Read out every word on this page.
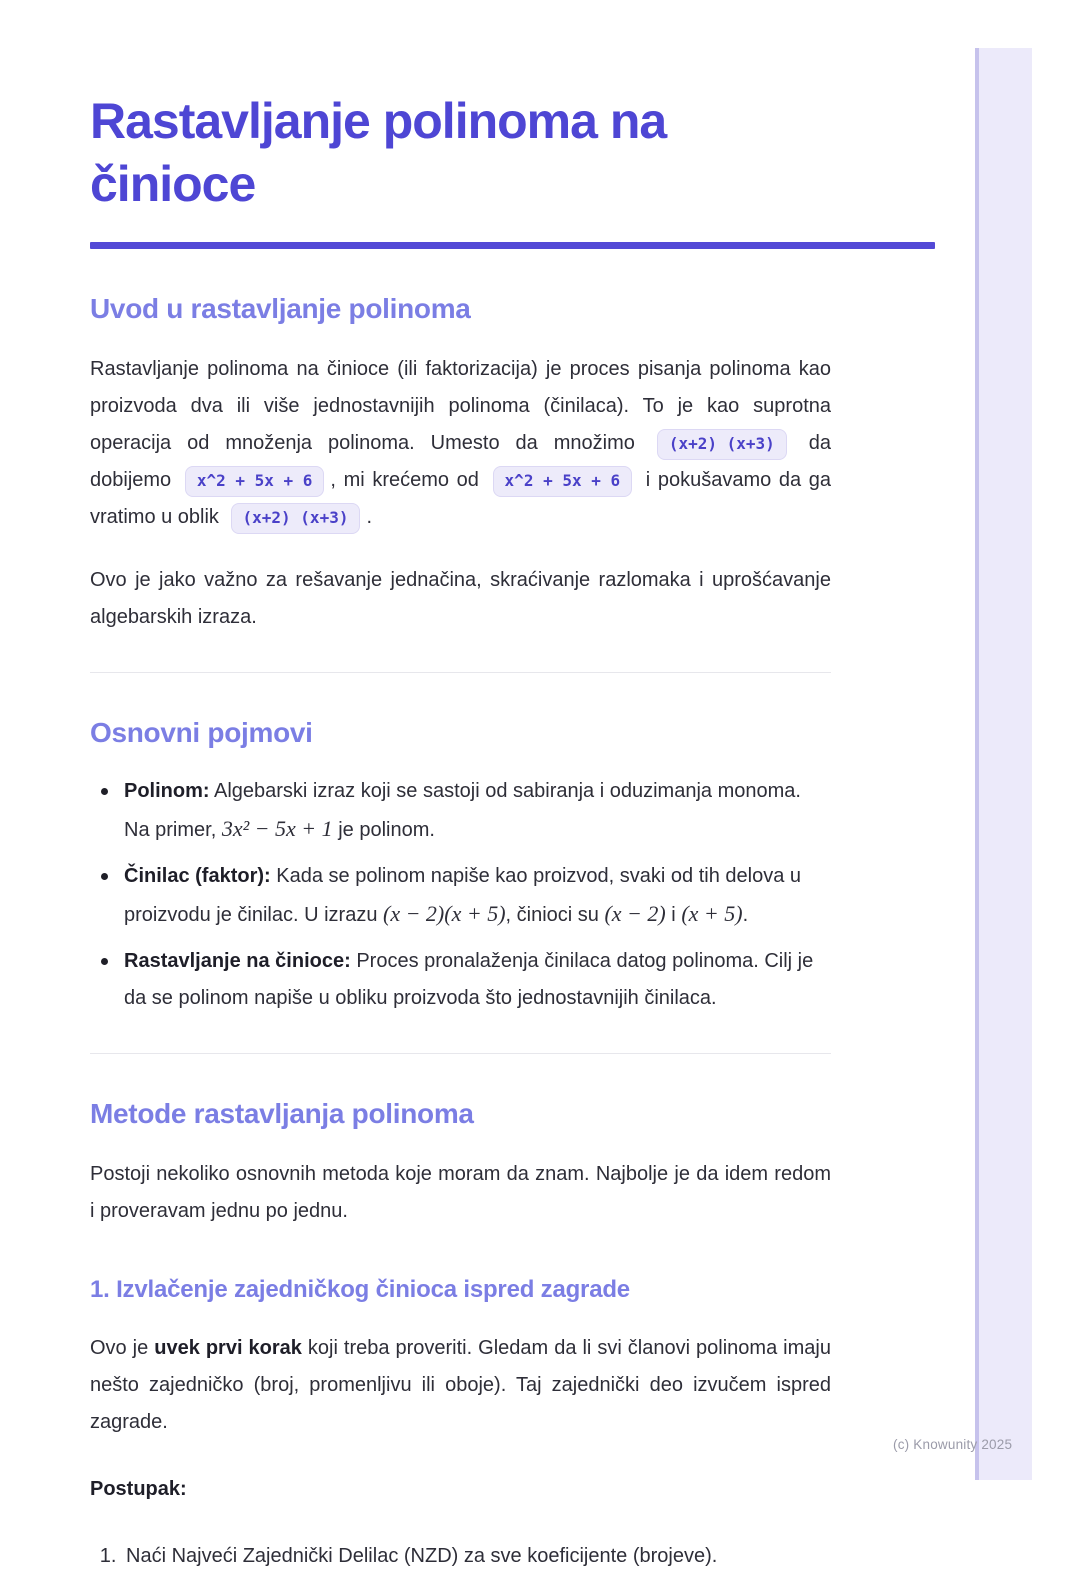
(c) Knowunity 2025
Rastavljanje polinoma na činioce
Uvod u rastavljanje polinoma

Rastavljanje polinoma na činioce (ili faktorizacija) je proces pisanja polinoma kao proizvoda dva ili više jednostavnijih polinoma (činilaca). To je kao suprotna operacija od množenja polinoma. Umesto da množimo (x+2) (x+3) da dobijemo x^2 + 5x + 6 , mi krećemo od x^2 + 5x + 6 i pokušavamo da ga vratimo u oblik (x+2) (x+3) .

Ovo je jako važno za rešavanje jednačina, skraćivanje razlomaka i uprošćavanje algebarskih izraza.

Osnovni pojmovi
Polinom: Algebarski izraz koji se sastoji od sabiranja i oduzimanja monoma. Na primer, 3x² − 5x + 1 je polinom.
Činilac (faktor): Kada se polinom napiše kao proizvod, svaki od tih delova u proizvodu je činilac. U izrazu (x − 2)(x + 5), činioci su (x − 2) i (x + 5).
Rastavljanje na činioce: Proces pronalaženja činilaca datog polinoma. Cilj je da se polinom napiše u obliku proizvoda što jednostavnijih činilaca.
Metode rastavljanja polinoma

Postoji nekoliko osnovnih metoda koje moram da znam. Najbolje je da idem redom i proveravam jednu po jednu.

1. Izvlačenje zajedničkog činioca ispred zagrade

Ovo je uvek prvi korak koji treba proveriti. Gledam da li svi članovi polinoma imaju nešto zajedničko (broj, promenljivu ili oboje). Taj zajednički deo izvučem ispred zagrade.

Postupak:

1. Naći Najveći Zajednički Delilac (NZD) za sve koeficijente (brojeve).
